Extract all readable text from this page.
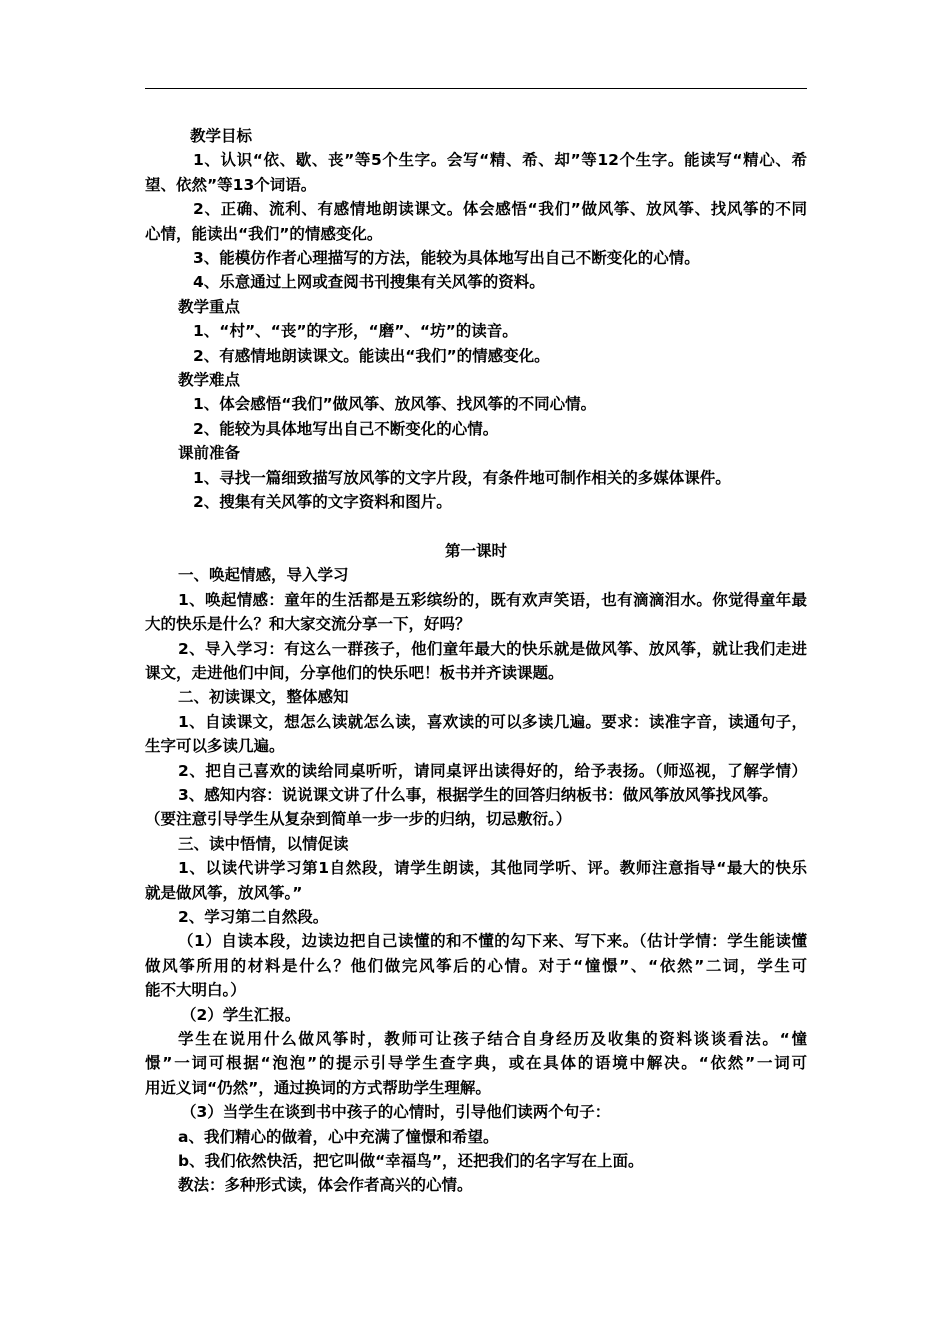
教学目标
1、认识“依、歇、丧”等5个生字。会写“精、希、却”等12个生字。能读写“精心、希
望、依然”等13个词语。
2、正确、流利、有感情地朗读课文。体会感悟“我们”做风筝、放风筝、找风筝的不同
心情，能读出“我们”的情感变化。
3、能模仿作者心理描写的方法，能较为具体地写出自己不断变化的心情。
4、乐意通过上网或查阅书刊搜集有关风筝的资料。
教学重点
1、“村”、“丧”的字形，“磨”、“坊”的读音。
2、有感情地朗读课文。能读出“我们”的情感变化。
教学难点
1、体会感悟“我们”做风筝、放风筝、找风筝的不同心情。
2、能较为具体地写出自己不断变化的心情。
课前准备
1、寻找一篇细致描写放风筝的文字片段，有条件地可制作相关的多媒体课件。
2、搜集有关风筝的文字资料和图片。
第一课时
一、唤起情感，导入学习
1、唤起情感：童年的生活都是五彩缤纷的，既有欢声笑语，也有滴滴泪水。你觉得童年最
大的快乐是什么？和大家交流分享一下，好吗？
2、导入学习：有这么一群孩子，他们童年最大的快乐就是做风筝、放风筝，就让我们走进
课文，走进他们中间，分享他们的快乐吧！板书并齐读课题。
二、初读课文，整体感知
1、自读课文，想怎么读就怎么读，喜欢读的可以多读几遍。要求：读准字音，读通句子，
生字可以多读几遍。
2、把自己喜欢的读给同桌听听，请同桌评出读得好的，给予表扬。（师巡视，了解学情）
3、感知内容：说说课文讲了什么事，根据学生的回答归纳板书：做风筝放风筝找风筝。
（要注意引导学生从复杂到简单一步一步的归纳，切忌敷衍。）
三、读中悟情，以情促读
1、以读代讲学习第1自然段，请学生朗读，其他同学听、评。教师注意指导“最大的快乐
就是做风筝，放风筝。”
2、学习第二自然段。
（1）自读本段，边读边把自己读懂的和不懂的勾下来、写下来。（估计学情：学生能读懂
做风筝所用的材料是什么？他们做完风筝后的心情。对于“憧憬”、“依然”二词，学生可
能不大明白。）
（2）学生汇报。
学生在说用什么做风筝时，教师可让孩子结合自身经历及收集的资料谈谈看法。“憧
憬”一词可根据“泡泡”的提示引导学生查字典，或在具体的语境中解决。“依然”一词可
用近义词“仍然”，通过换词的方式帮助学生理解。
（3）当学生在谈到书中孩子的心情时，引导他们读两个句子：
a、我们精心的做着，心中充满了憧憬和希望。
b、我们依然快活，把它叫做“幸福鸟”，还把我们的名字写在上面。
教法：多种形式读，体会作者高兴的心情。
